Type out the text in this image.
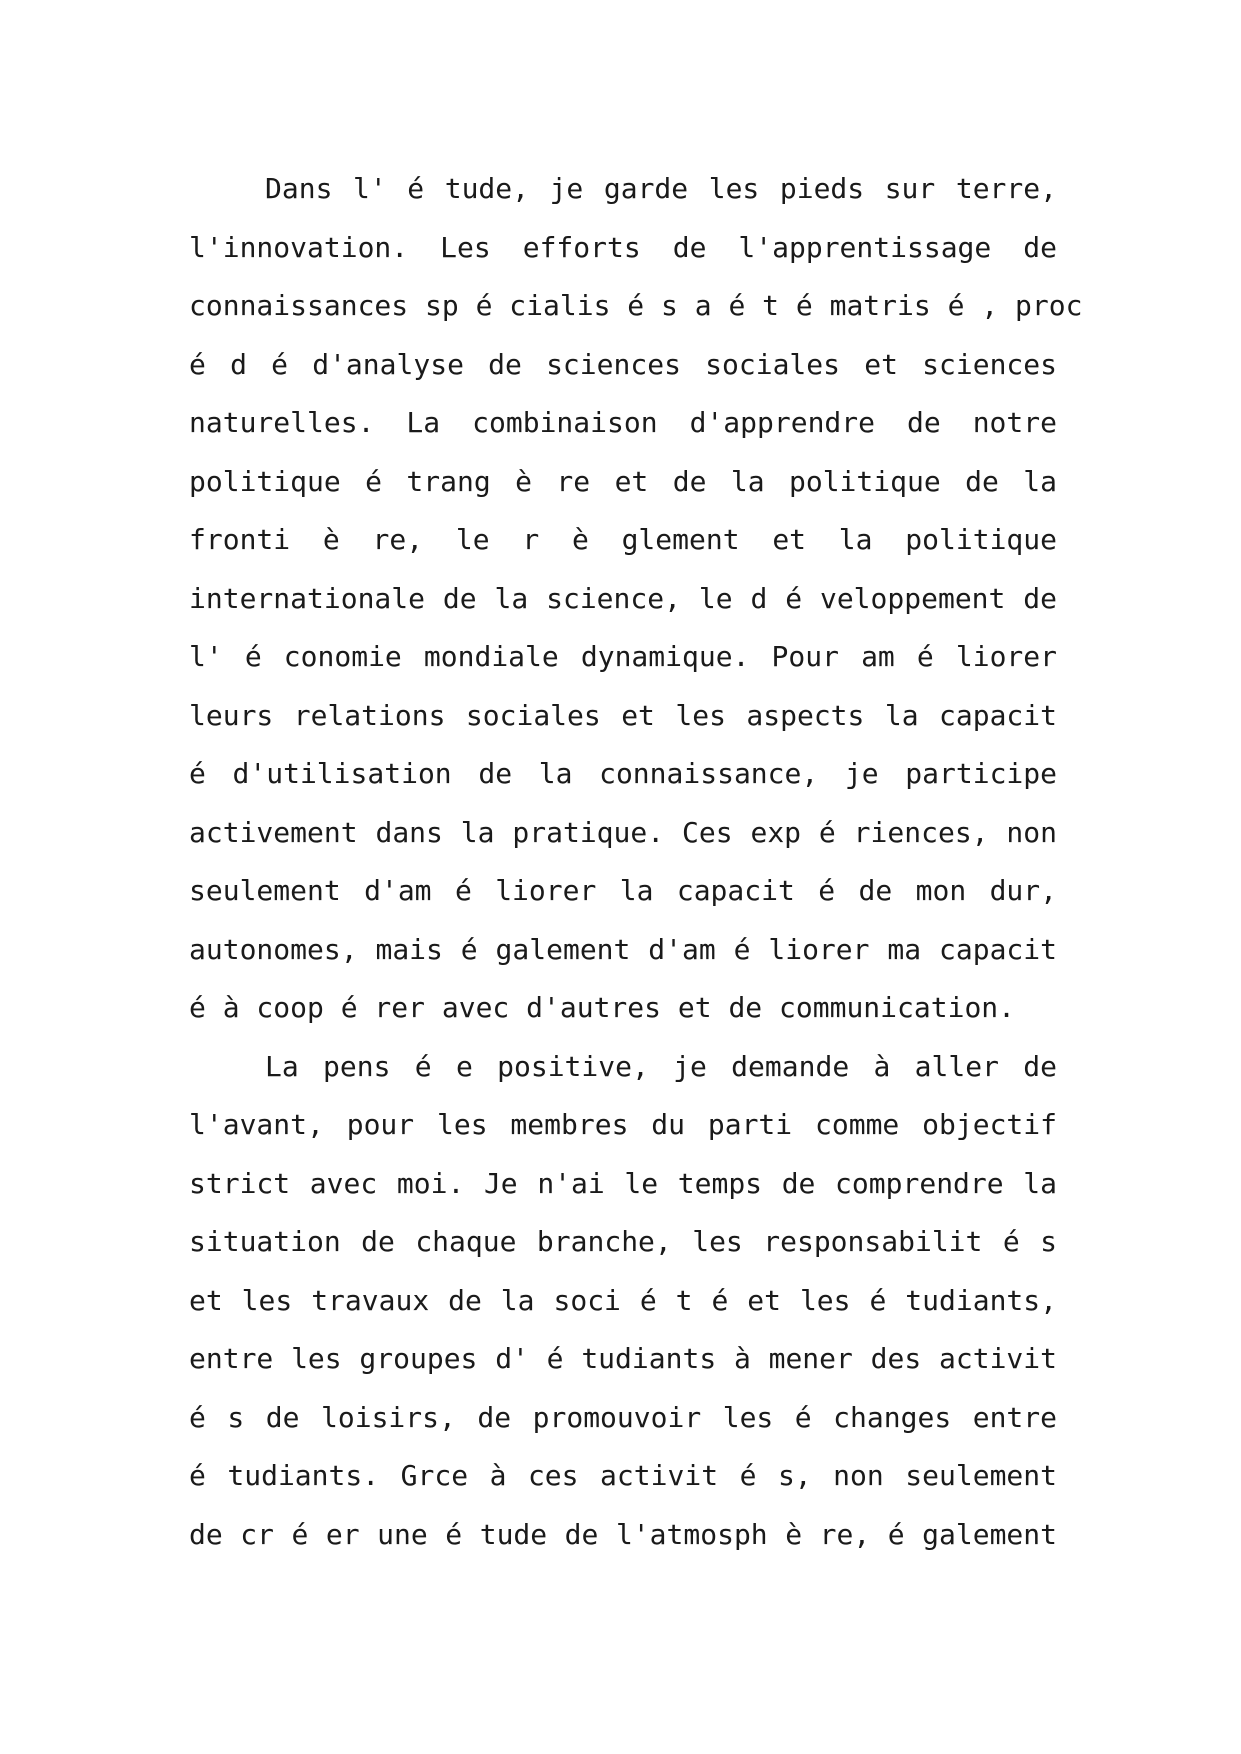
Dans l' é tude, je garde les pieds sur terre,
l'innovation. Les efforts de l'apprentissage de
connaissances sp é cialis é s a é t é matris é , proc
é d é d'analyse de sciences sociales et sciences
naturelles. La combinaison d'apprendre de notre
politique é trang è re et de la politique de la
fronti è re, le r è glement et la politique
internationale de la science, le d é veloppement de
l' é conomie mondiale dynamique. Pour am é liorer
leurs relations sociales et les aspects la capacit
é d'utilisation de la connaissance, je participe
activement dans la pratique. Ces exp é riences, non
seulement d'am é liorer la capacit é de mon dur,
autonomes, mais é galement d'am é liorer ma capacit
é à coop é rer avec d'autres et de communication.
La pens é e positive, je demande à aller de
l'avant, pour les membres du parti comme objectif
strict avec moi. Je n'ai le temps de comprendre la
situation de chaque branche, les responsabilit é s
et les travaux de la soci é t é et les é tudiants,
entre les groupes d' é tudiants à mener des activit
é s de loisirs, de promouvoir les é changes entre
é tudiants. Grce à ces activit é s, non seulement
de cr é er une é tude de l'atmosph è re, é galement
